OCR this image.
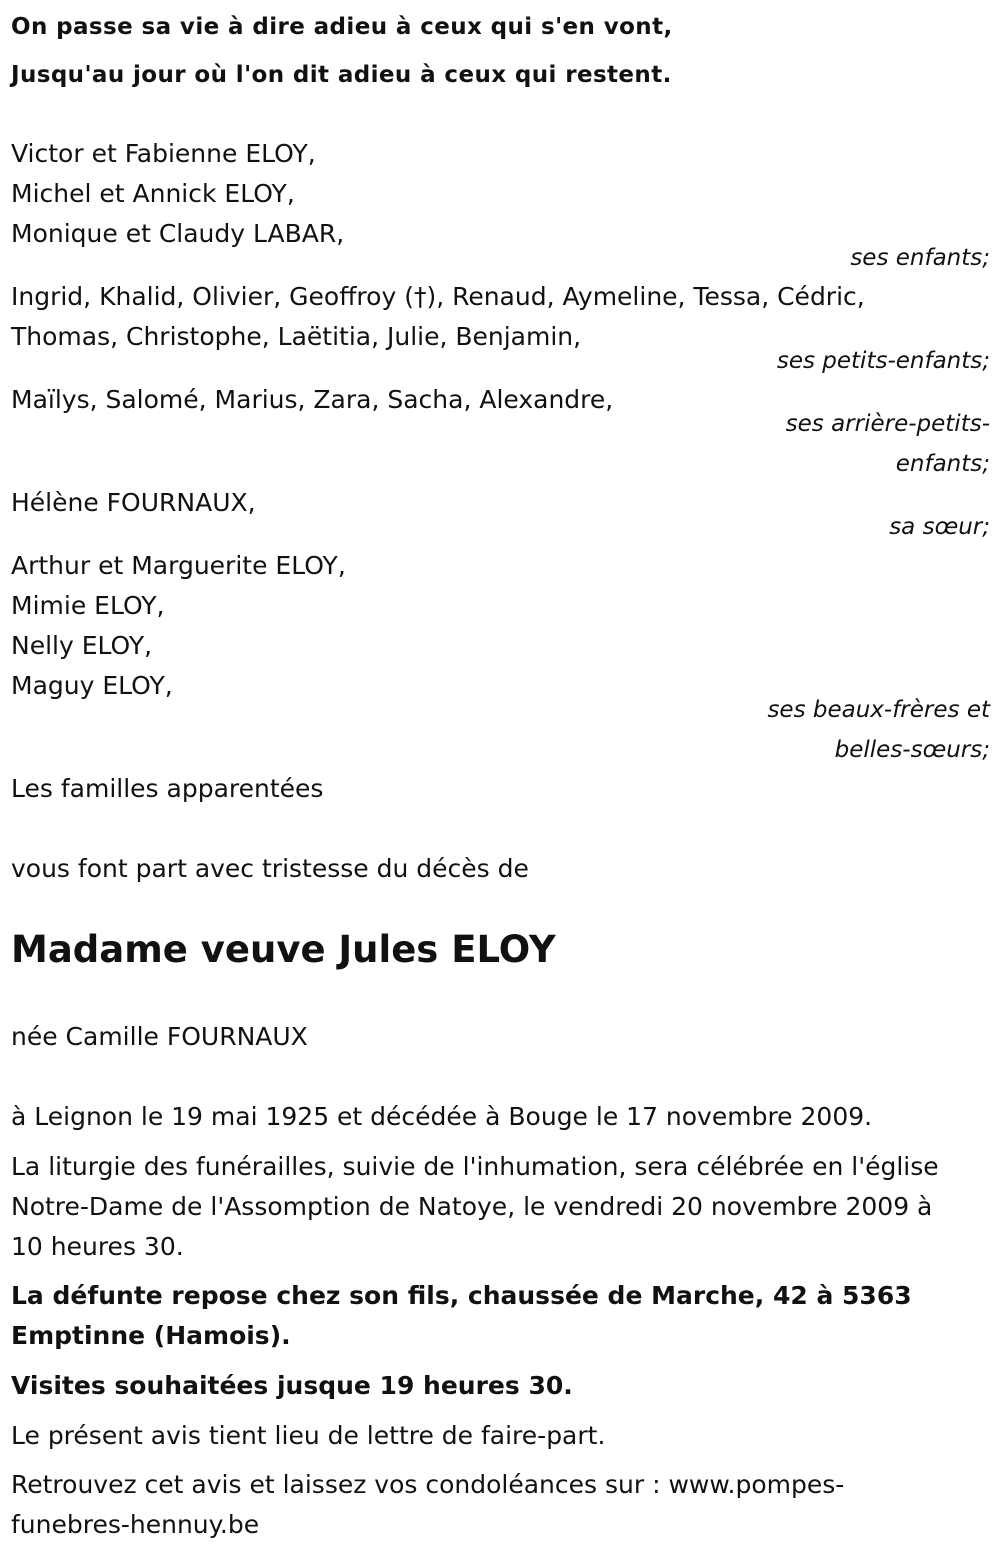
On passe sa vie à dire adieu à ceux qui s'en vont,
Jusqu'au jour où l'on dit adieu à ceux qui restent.
Victor et Fabienne ELOY,
Michel et Annick ELOY,
Monique et Claudy LABAR,
ses enfants;
Ingrid, Khalid, Olivier, Geoffroy (†), Renaud, Aymeline, Tessa, Cédric,
Thomas, Christophe, Laëtitia, Julie, Benjamin,
ses petits-enfants;
Maïlys, Salomé, Marius, Zara, Sacha, Alexandre,
ses arrière-petits-
enfants;
Hélène FOURNAUX,
sa sœur;
Arthur et Marguerite ELOY,
Mimie ELOY,
Nelly ELOY,
Maguy ELOY,
ses beaux-frères et
belles-sœurs;
Les familles apparentées
vous font part avec tristesse du décès de
Madame veuve Jules ELOY
née Camille FOURNAUX
à Leignon le 19 mai 1925 et décédée à Bouge le 17 novembre 2009.
La liturgie des funérailles, suivie de l'inhumation, sera célébrée en l'église
Notre-Dame de l'Assomption de Natoye, le vendredi 20 novembre 2009 à
10 heures 30.
La défunte repose chez son fils, chaussée de Marche, 42 à 5363
Emptinne (Hamois).
Visites souhaitées jusque 19 heures 30.
Le présent avis tient lieu de lettre de faire-part.
Retrouvez cet avis et laissez vos condoléances sur : www.pompes-
funebres-hennuy.be
